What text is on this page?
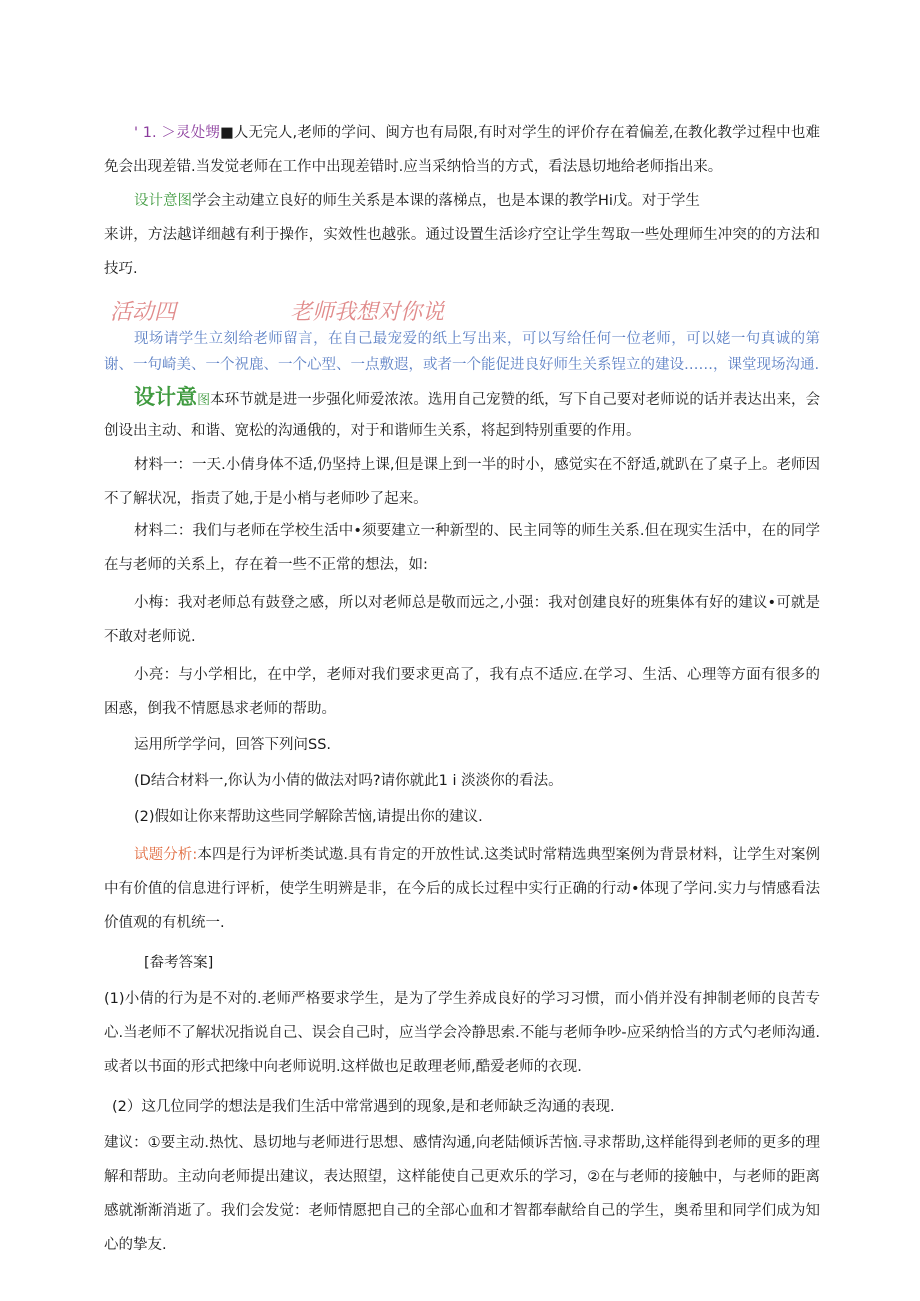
' 1. ＞灵处甥■人无完人,老师的学问、闽方也有局限,有时对学生的评价存在着偏差,在教化教学过程中也难免会出现差错.当发觉老师在工作中出现差错时.应当采纳恰当的方式，看法恳切地给老师指出来。

设计意图学会主动建立良好的师生关系是本课的落梯点，也是本课的教学Hi戊。对于学生

来讲，方法越详细越有利于操作，实效性也越张。通过设置生活诊疗空让学生驾取一些处理师生冲突的的方法和技巧.

活动四	老师我想对你说

现场请学生立刻给老师留言，在自己最宠爱的纸上写出来，可以写给任何一位老师，可以姥一句真诚的第谢、一句崎美、一个祝鹿、一个心型、一点敷遐，或者一个能促进良好师生关系锃立的建设……，课堂现场沟通.

设计意图本环节就是进一步强化师爱浓浓。选用自己宠赞的纸，写下自己要对老师说的话并表达出来，会创设出主动、和谐、宽松的沟通俄的，对于和谐师生关系，将起到特别重要的作用。

材料一：一天.小倩身体不适,仍坚持上课,但是课上到一半的时小，感觉实在不舒适,就趴在了桌子上。老师因不了解状况，指责了她,于是小梢与老师吵了起来。

材料二：我们与老师在学校生活中•须要建立一种新型的、民主同等的师生关系.但在现实生活中，在的同学在与老师的关系上，存在着一些不正常的想法，如:

小梅：我对老师总有鼓登之感，所以对老师总是敬而远之,小强：我对创建良好的班集体有好的建议•可就是不敢对老师说.

小亮：与小学相比，在中学，老师对我们要求更高了，我有点不适应.在学习、生活、心理等方面有很多的困惑，倒我不情愿恳求老师的帮助。

运用所学学问，回答下列问SS.

(D结合材料一,你认为小倩的做法对吗?请你就此1 i 淡淡你的看法。

(2)假如让你来帮助这些同学解除苦恼,请提出你的建议.

试题分析:本四是行为评析类试遨.具有肯定的开放性试.这类试时常精选典型案例为背景材料，让学生对案例中有价值的信息进行评析，使学生明辨是非，在今后的成长过程中实行正确的行动•体现了学问.实力与情感看法价值观的有机统一.

[畚考答案]

(1)小倩的行为是不对的.老师严格要求学生，是为了学生养成良好的学习习惯，而小俏并没有抻制老师的良苦专心.当老师不了解状况指说自己、误会自己时，应当学会冷静思索.不能与老师争吵-应采纳恰当的方式勺老师沟通.或者以书面的形式把缘中向老师说明.这样做也足敢理老师,酷爱老师的衣现.

(2）这几位同学的想法是我们生活中常常遇到的现象,是和老师缺乏沟通的表现.

建议：①要主动.热忱、恳切地与老师进行思想、感情沟通,向老陆倾诉苦恼.寻求帮助,这样能得到老师的更多的理解和帮助。主动向老师提出建议，表达照望，这样能使自己更欢乐的学习，②在与老师的接触中，与老师的距离感就渐渐消逝了。我们会发觉：老师情愿把自己的全部心血和才智都奉献给自己的学生，奥希里和同学们成为知心的挚友.
